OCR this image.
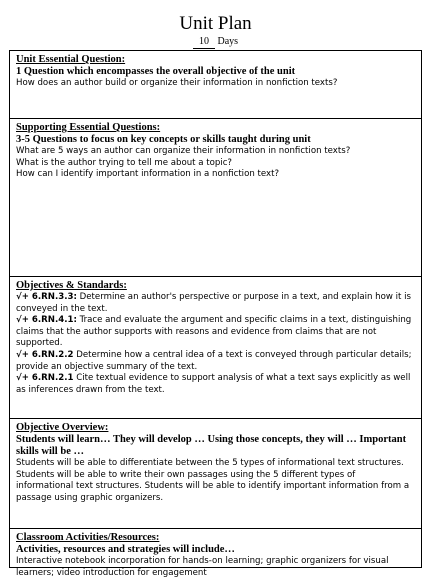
Unit Plan
10 Days
Unit Essential Question:
1 Question which encompasses the overall objective of the unit
How does an author build or organize their information in nonfiction texts?
Supporting Essential Questions:
3-5 Questions to focus on key concepts or skills taught during unit
What are 5 ways an author can organize their information in nonfiction texts?
What is the author trying to tell me about a topic?
How can I identify important information in a nonfiction text?
Objectives & Standards:
√+ 6.RN.3.3: Determine an author's perspective or purpose in a text, and explain how it is conveyed in the text.
√+ 6.RN.4.1: Trace and evaluate the argument and specific claims in a text, distinguishing claims that the author supports with reasons and evidence from claims that are not supported.
√+ 6.RN.2.2 Determine how a central idea of a text is conveyed through particular details; provide an objective summary of the text.
√+ 6.RN.2.1 Cite textual evidence to support analysis of what a text says explicitly as well as inferences drawn from the text.
Objective Overview:
Students will learn… They will develop … Using those concepts, they will … Important skills will be …
Students will be able to differentiate between the 5 types of informational text structures. Students will be able to write their own passages using the 5 different types of informational text structures. Students will be able to identify important information from a passage using graphic organizers.
Classroom Activities/Resources:
Activities, resources and strategies will include…
Interactive notebook incorporation for hands-on learning; graphic organizers for visual learners; video introduction for engagement
